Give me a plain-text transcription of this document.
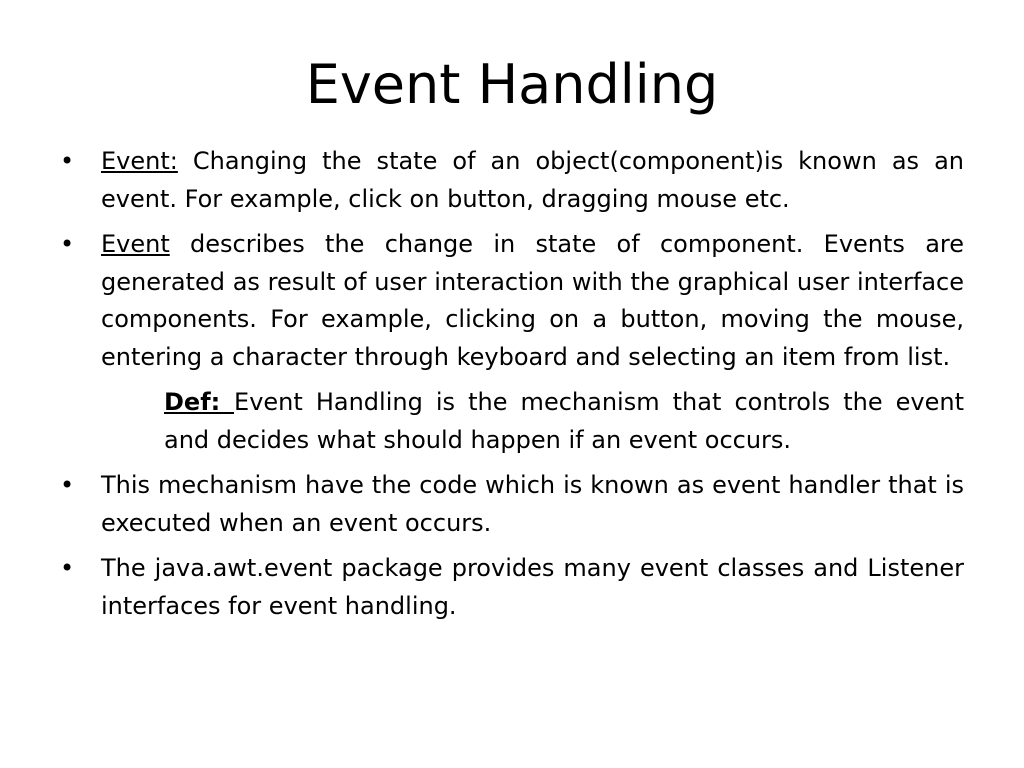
Event Handling
• Event: Changing the state of an object(component)is known as an event. For example, click on button, dragging mouse etc.
• Event describes the change in state of component. Events are generated as result of user interaction with the graphical user interface components. For example, clicking on a button, moving the mouse, entering a character through keyboard and selecting an item from list.
Def: Event Handling is the mechanism that controls the event and decides what should happen if an event occurs.
• This mechanism have the code which is known as event handler that is executed when an event occurs.
• The java.awt.event package provides many event classes and Listener interfaces for event handling.
